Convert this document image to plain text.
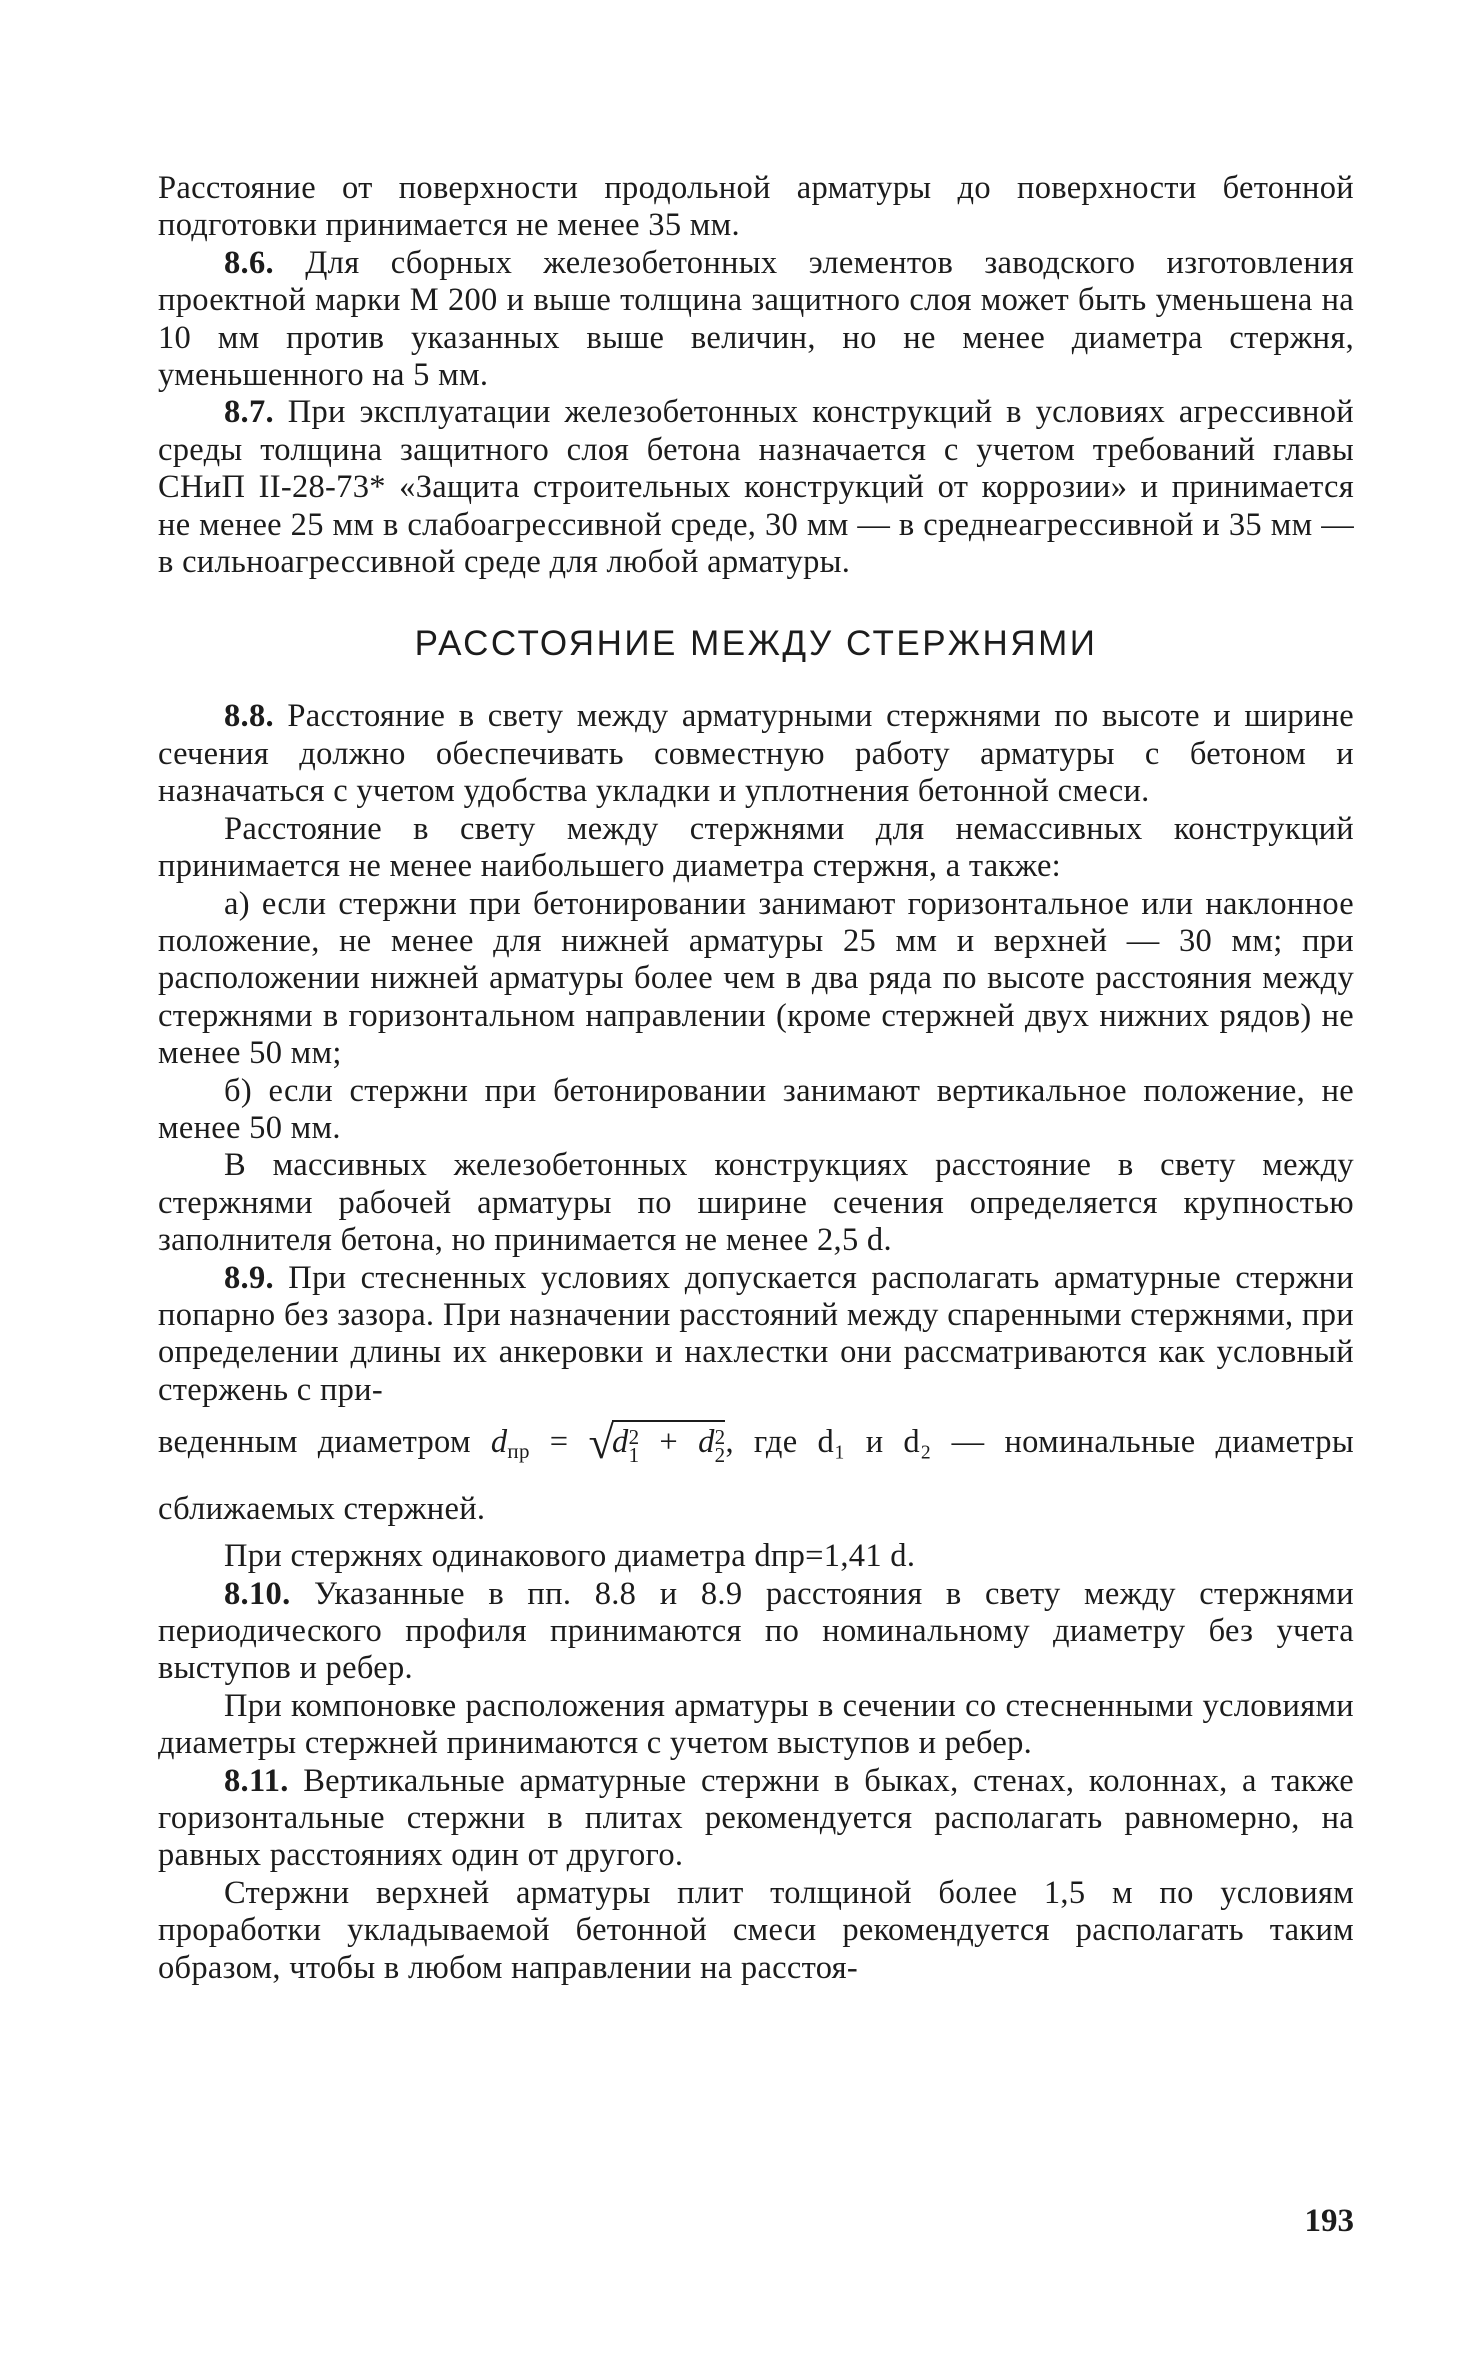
Расстояние от поверхности продольной арматуры до поверхности бетонной подготовки принимается не менее 35 мм.

8.6. Для сборных железобетонных элементов заводского изготовления проектной марки М 200 и выше толщина защитного слоя может быть уменьшена на 10 мм против указанных выше величин, но не менее диаметра стержня, уменьшенного на 5 мм.

8.7. При эксплуатации железобетонных конструкций в условиях агрессивной среды толщина защитного слоя бетона назначается с учетом требований главы СНиП II-28-73* «Защита строительных конструкций от коррозии» и принимается не менее 25 мм в слабоагрессивной среде, 30 мм — в среднеагрессивной и 35 мм — в сильноагрессивной среде для любой арматуры.

РАССТОЯНИЕ МЕЖДУ СТЕРЖНЯМИ

8.8. Расстояние в свету между арматурными стержнями по высоте и ширине сечения должно обеспечивать совместную работу арматуры с бетоном и назначаться с учетом удобства укладки и уплотнения бетонной смеси.

Расстояние в свету между стержнями для немассивных конструкций принимается не менее наибольшего диаметра стержня, а также:

а) если стержни при бетонировании занимают горизонтальное или наклонное положение, не менее для нижней арматуры 25 мм и верхней — 30 мм; при расположении нижней арматуры более чем в два ряда по высоте расстояния между стержнями в горизонтальном направлении (кроме стержней двух нижних рядов) не менее 50 мм;

б) если стержни при бетонировании занимают вертикальное положение, не менее 50 мм.

В массивных железобетонных конструкциях расстояние в свету между стержнями рабочей арматуры по ширине сечения определяется крупностью заполнителя бетона, но принимается не менее 2,5 d.

8.9. При стесненных условиях допускается располагать арматурные стержни попарно без зазора. При назначении расстояний между спаренными стержнями, при определении длины их анкеровки и нахлестки они рассматриваются как условный стержень с при-

веденным диаметром $d_{пр} = √d$ 2
1 + d 2
2 , где d₁ и d₂ — номинальные диаметры сближаемых стержней.

При стержнях одинакового диаметра dпр=1,41 d.

8.10. Указанные в пп. 8.8 и 8.9 расстояния в свету между стержнями периодического профиля принимаются по номинальному диаметру без учета выступов и ребер.

При компоновке расположения арматуры в сечении со стесненными условиями диаметры стержней принимаются с учетом выступов и ребер.

8.11. Вертикальные арматурные стержни в быках, стенах, колоннах, а также горизонтальные стержни в плитах рекомендуется располагать равномерно, на равных расстояниях один от другого.

Стержни верхней арматуры плит толщиной более 1,5 м по условиям проработки укладываемой бетонной смеси рекомендуется располагать таким образом, чтобы в любом направлении на расстоя-

193
